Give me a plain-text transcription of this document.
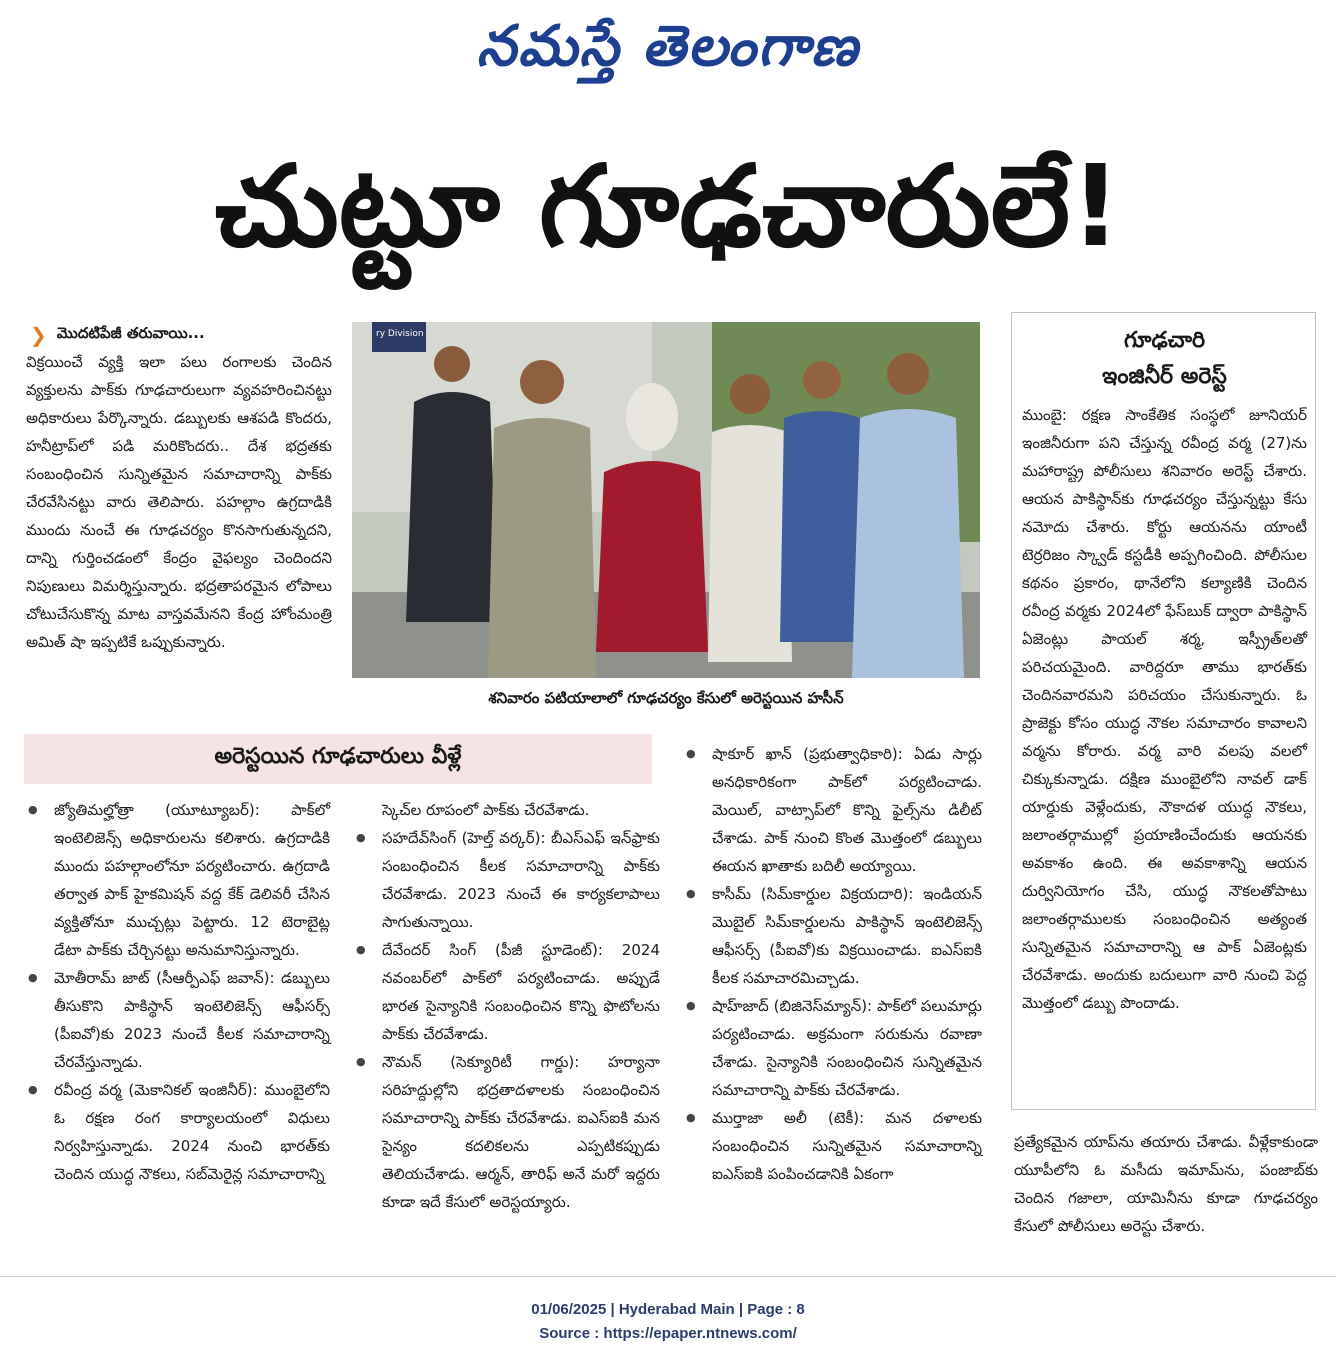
నమస్తే తెలంగాణ
చుట్టూ గూఢచారులే!
❯ మొదటిపేజీ తరువాయి...

విక్రయించే వ్యక్తి ఇలా పలు రంగాలకు చెందిన వ్యక్తులను పాక్‌కు గూఢచారులుగా వ్యవహరించినట్టు అధికారులు పేర్కొన్నారు. డబ్బులకు ఆశపడి కొందరు, హనీట్రాప్‌లో పడి మరికొందరు.. దేశ భద్రతకు సంబంధించిన సున్నితమైన సమాచారాన్ని పాక్‌కు చేరవేసినట్టు వారు తెలిపారు. పహల్గాం ఉగ్రదాడికి ముందు నుంచే ఈ గూఢచర్యం కొనసాగుతున్నదని, దాన్ని గుర్తించడంలో కేంద్రం వైఫల్యం చెందిందని నిపుణులు విమర్శిస్తున్నారు. భద్రతాపరమైన లోపాలు చోటుచేసుకొన్న మాట వాస్తవమేనని కేంద్ర హోంమంత్రి అమిత్ షా ఇప్పటికే ఒప్పుకున్నారు.

ry Division
శనివారం పటియాలాలో గూఢచర్యం కేసులో అరెస్టయిన హసీన్
గూఢచారి
ఇంజినీర్ అరెస్ట్

ముంబై: రక్షణ సాంకేతిక సంస్థలో జూనియర్ ఇంజినీరుగా పని చేస్తున్న రవీంద్ర వర్మ (27)ను మహారాష్ట్ర పోలీసులు శనివారం అరెస్ట్ చేశారు. ఆయన పాకిస్థాన్‌కు గూఢచర్యం చేస్తున్నట్టు కేసు నమోదు చేశారు. కోర్టు ఆయనను యాంటీ టెర్రరిజం స్క్వాడ్ కస్టడీకి అప్పగించింది. పోలీసుల కథనం ప్రకారం, థానేలోని కల్యాణికి చెందిన రవీంద్ర వర్మకు 2024లో ఫేస్‌బుక్ ద్వారా పాకిస్థాన్ ఏజెంట్లు పాయల్ శర్మ, ఇస్ప్రీత్‌లతో పరిచయమైంది. వారిద్దరూ తాము భారత్‌కు చెందినవారమని పరిచయం చేసుకున్నారు. ఓ ప్రాజెక్టు కోసం యుద్ధ నౌకల సమాచారం కావాలని వర్మను కోరారు. వర్మ వారి వలపు వలలో చిక్కుకున్నాడు. దక్షిణ ముంబైలోని నావల్ డాక్ యార్డుకు వెళ్లేందుకు, నౌకాదళ యుద్ధ నౌకలు, జలాంతర్గాముల్లో ప్రయాణించేందుకు ఆయనకు అవకాశం ఉంది. ఈ అవకాశాన్ని ఆయన దుర్వినియోగం చేసి, యుద్ధ నౌకలతోపాటు జలాంతర్గాములకు సంబంధించిన అత్యంత సున్నితమైన సమాచారాన్ని ఆ పాక్ ఏజెంట్లకు చేరవేశాడు. అందుకు బదులుగా వారి నుంచి పెద్ద మొత్తంలో డబ్బు పొందాడు.

ప్రత్యేకమైన యాప్‌ను తయారు చేశాడు. వీళ్లేకాకుండా యూపీలోని ఓ మసీదు ఇమామ్‌ను, పంజాబ్‌కు చెందిన గజాలా, యామినీను కూడా గూఢచర్యం కేసులో పోలీసులు అరెస్టు చేశారు.

అరెస్టయిన గూఢచారులు వీళ్లే

● జ్యోతిమల్హోత్రా (యూట్యూబర్): పాక్‌లో ఇంటెలిజెన్స్ అధికారులను కలిశారు. ఉగ్రదాడికి ముందు పహల్గాంలోనూ పర్యటించారు. ఉగ్రదాడి తర్వాత పాక్ హైకమిషన్ వద్ద కేక్ డెలివరీ చేసిన వ్యక్తితోనూ ముచ్చట్లు పెట్టారు. 12 టెరాబైట్ల డేటా పాక్‌కు చేర్చినట్టు అనుమానిస్తున్నారు.

● మోతీరామ్ జాట్ (సీఆర్పీఎఫ్ జవాన్): డబ్బులు తీసుకొని పాకిస్థాన్ ఇంటెలిజెన్స్ ఆఫీసర్స్ (పీఐవో)కు 2023 నుంచే కీలక సమాచారాన్ని చేరవేస్తున్నాడు.

● రవీంద్ర వర్మ (మెకానికల్ ఇంజినీర్): ముంబైలోని ఓ రక్షణ రంగ కార్యాలయంలో విధులు నిర్వహిస్తున్నాడు. 2024 నుంచి భారత్‌కు చెందిన యుద్ధ నౌకలు, సబ్‌మెరైన్ల సమాచారాన్ని

స్కెచ్‌ల రూపంలో పాక్‌కు చేరవేశాడు.

● సహదేవ్‌సింగ్ (హెల్త్ వర్కర్): బీఎస్‌ఎఫ్ ఇన్‌ఫ్రాకు సంబంధించిన కీలక సమాచారాన్ని పాక్‌కు చేరవేశాడు. 2023 నుంచే ఈ కార్యకలాపాలు సాగుతున్నాయి.

● దేవేందర్ సింగ్ (పీజీ స్టూడెంట్): 2024 నవంబర్‌లో పాక్‌లో పర్యటించాడు. అప్పుడే భారత సైన్యానికి సంబంధించిన కొన్ని ఫొటోలను పాక్‌కు చేరవేశాడు.

● నౌమన్ (సెక్యూరిటీ గార్డు): హర్యానా సరిహద్దుల్లోని భద్రతాదళాలకు సంబంధించిన సమాచారాన్ని పాక్‌కు చేరవేశాడు. ఐఎస్‌ఐకి మన సైన్యం కదలికలను ఎప్పటికప్పుడు తెలియచేశాడు. ఆర్మన్, తారిఫ్ అనే మరో ఇద్దరు కూడా ఇదే కేసులో అరెస్టయ్యారు.

● షాకూర్ ఖాన్ (ప్రభుత్వాధికారి): ఏడు సార్లు అనధికారికంగా పాక్‌లో పర్యటించాడు. మెయిల్, వాట్సాప్‌లో కొన్ని ఫైల్స్‌ను డిలీట్ చేశాడు. పాక్ నుంచి కొంత మొత్తంలో డబ్బులు ఈయన ఖాతాకు బదిలీ అయ్యాయి.

● కాసీమ్ (సిమ్‌కార్డుల విక్రయదారి): ఇండియన్ మొబైల్ సిమ్‌కార్డులను పాకిస్థాన్ ఇంటెలిజెన్స్ ఆఫీసర్స్ (పీఐవో)కు విక్రయించాడు. ఐఎస్‌ఐకి కీలక సమాచారమిచ్చాడు.

● షాహ్‌జాద్ (బిజినెస్‌మ్యాన్): పాక్‌లో పలుమార్లు పర్యటించాడు. అక్రమంగా సరుకును రవాణా చేశాడు. సైన్యానికి సంబంధించిన సున్నితమైన సమాచారాన్ని పాక్‌కు చేరవేశాడు.

● ముర్తాజా అలీ (టెకీ): మన దళాలకు సంబంధించిన సున్నితమైన సమాచారాన్ని ఐఎస్‌ఐకి పంపించడానికి ఏకంగా

01/06/2025 | Hyderabad Main | Page : 8
Source : https://epaper.ntnews.com/
